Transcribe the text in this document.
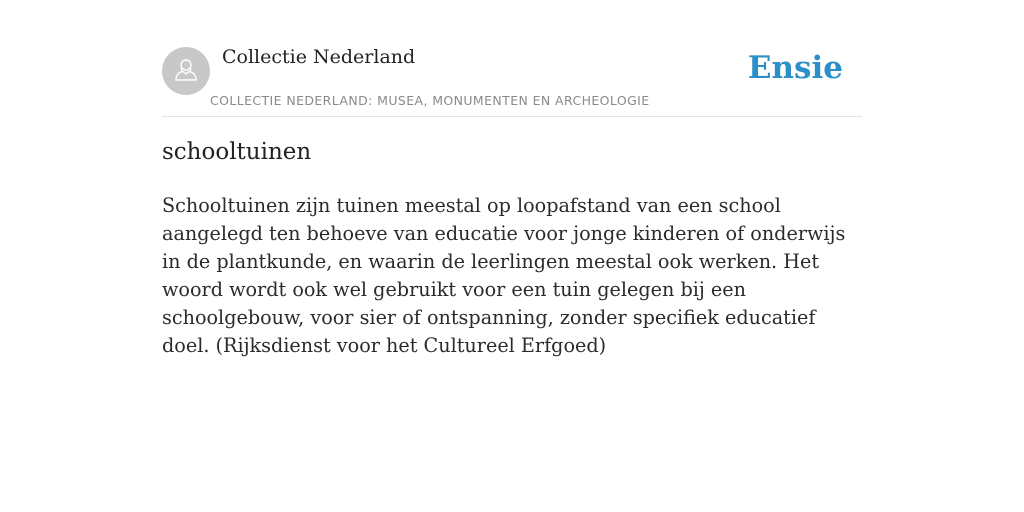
Collectie Nederland
COLLECTIE NEDERLAND: MUSEA, MONUMENTEN EN ARCHEOLOGIE
Ensie
schooltuinen

Schooltuinen zijn tuinen meestal op loopafstand van een school aangelegd ten behoeve van educatie voor jonge kinderen of onderwijs in de plantkunde, en waarin de leerlingen meestal ook werken. Het woord wordt ook wel gebruikt voor een tuin gelegen bij een schoolgebouw, voor sier of ontspanning, zonder specifiek educatief doel. (Rijksdienst voor het Cultureel Erfgoed)
